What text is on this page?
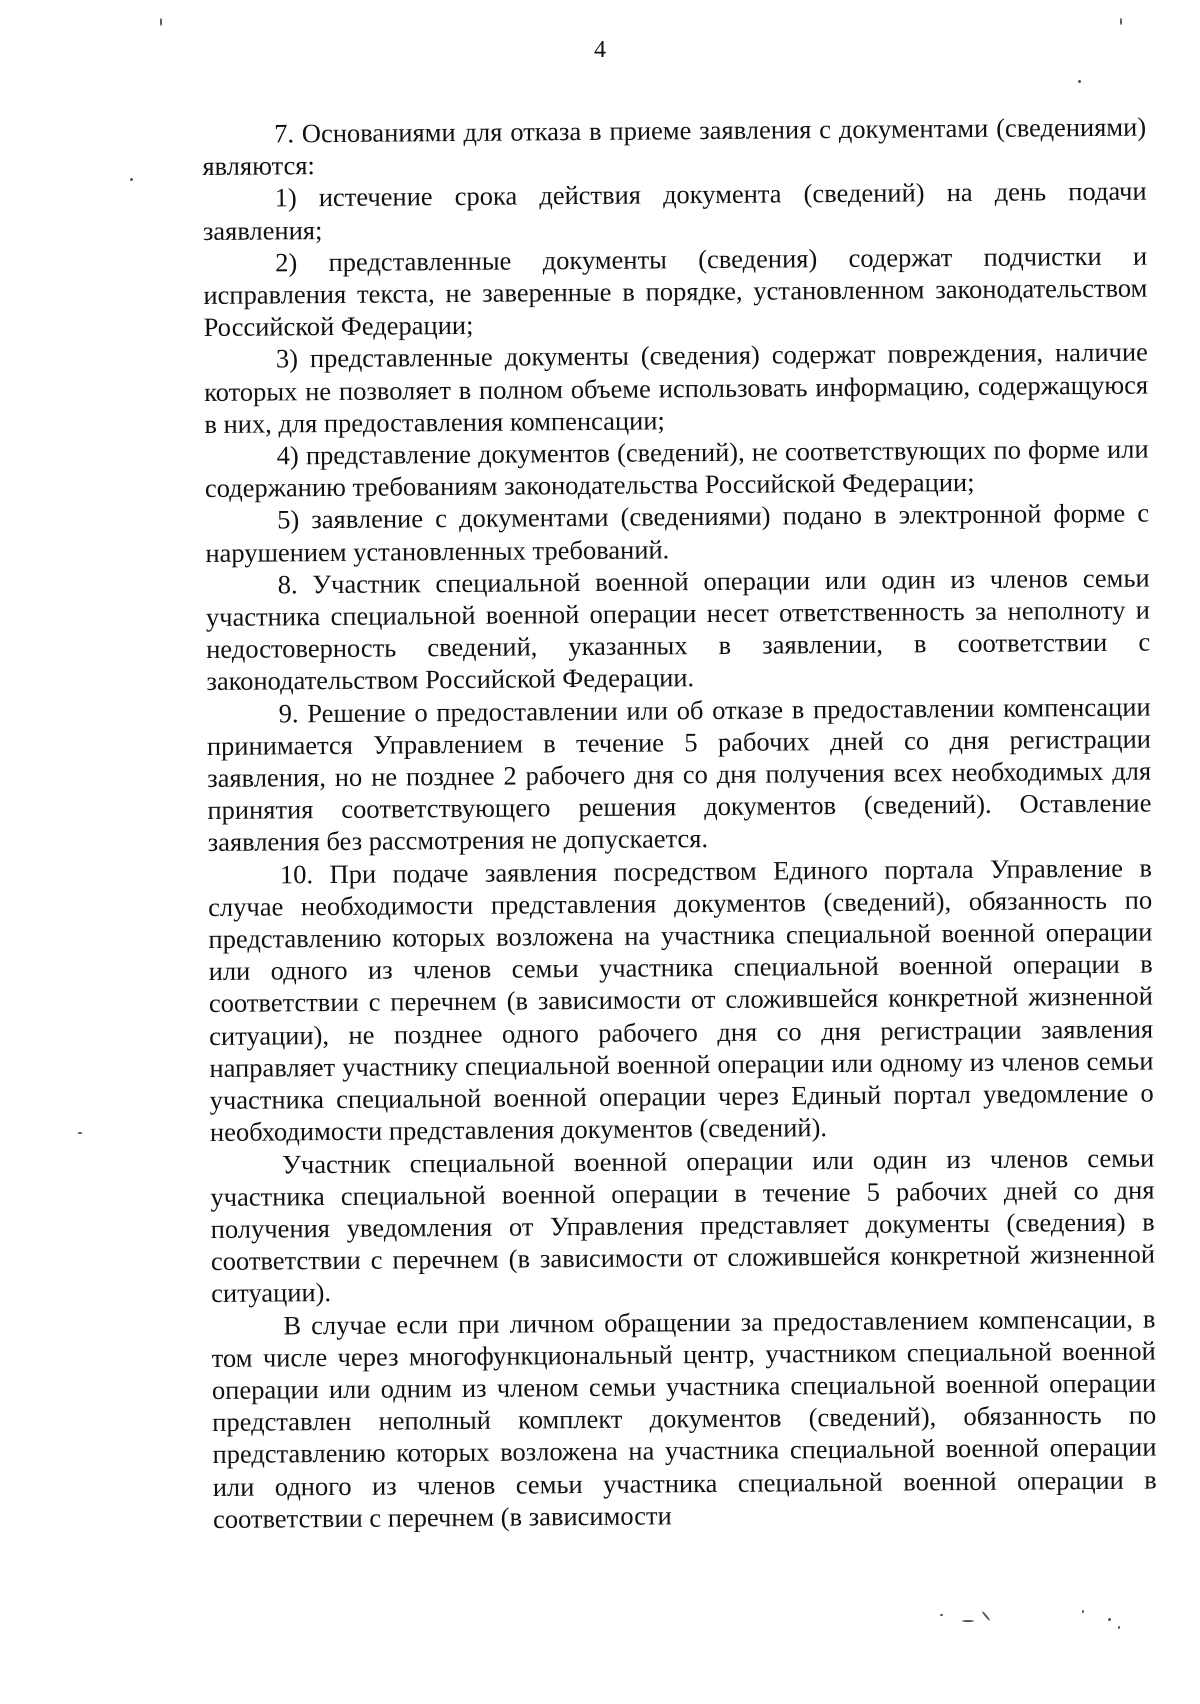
4

7. Основаниями для отказа в приеме заявления с документами (сведениями) являются:

1) истечение срока действия документа (сведений) на день подачи заявления;

2) представленные документы (сведения) содержат подчистки и исправления текста, не заверенные в порядке, установленном законодательством Российской Федерации;

3) представленные документы (сведения) содержат повреждения, наличие которых не позволяет в полном объеме использовать информацию, содержащуюся в них, для предоставления компенсации;

4) представление документов (сведений), не соответствующих по форме или содержанию требованиям законодательства Российской Федерации;

5) заявление с документами (сведениями) подано в электронной форме с нарушением установленных требований.

8. Участник специальной военной операции или один из членов семьи участника специальной военной операции несет ответственность за неполноту и недостоверность сведений, указанных в заявлении, в соответствии с законодательством Российской Федерации.

9. Решение о предоставлении или об отказе в предоставлении компенсации принимается Управлением в течение 5 рабочих дней со дня регистрации заявления, но не позднее 2 рабочего дня со дня получения всех необходимых для принятия соответствующего решения документов (сведений). Оставление заявления без рассмотрения не допускается.

10. При подаче заявления посредством Единого портала Управление в случае необходимости представления документов (сведений), обязанность по представлению которых возложена на участника специальной военной операции или одного из членов семьи участника специальной военной операции в соответствии с перечнем (в зависимости от сложившейся конкретной жизненной ситуации), не позднее одного рабочего дня со дня регистрации заявления направляет участнику специальной военной операции или одному из членов семьи участника специальной военной операции через Единый портал уведомление о необходимости представления документов (сведений).

Участник специальной военной операции или один из членов семьи участника специальной военной операции в течение 5 рабочих дней со дня получения уведомления от Управления представляет документы (сведения) в соответствии с перечнем (в зависимости от сложившейся конкретной жизненной ситуации).

В случае если при личном обращении за предоставлением компенсации, в том числе через многофункциональный центр, участником специальной военной операции или одним из членом семьи участника специальной военной операции представлен неполный комплект документов (сведений), обязанность по представлению которых возложена на участника специальной военной операции или одного из членов семьи участника специальной военной операции в соответствии с перечнем (в зависимости
